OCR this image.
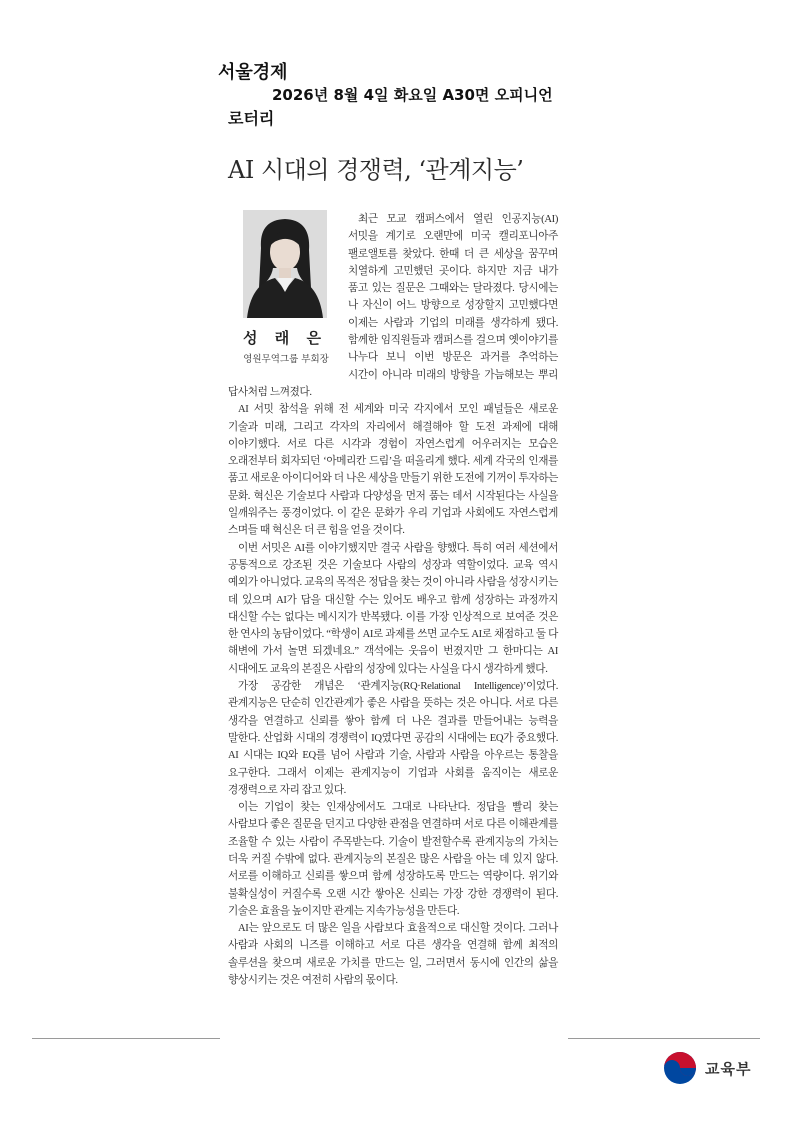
서울경제
2026년 8월 4일 화요일 A30면 오피니언
로터리
AI 시대의 경쟁력, ‘관계지능’
성 래 은
영원무역그룹 부회장

최근 모교 캠퍼스에서 열린 인공지능(AI) 서밋을 계기로 오랜만에 미국 캘리포니아주 팰로앨토를 찾았다. 한때 더 큰 세상을 꿈꾸며 치열하게 고민했던 곳이다. 하지만 지금 내가 품고 있는 질문은 그때와는 달라졌다. 당시에는 나 자신이 어느 방향으로 성장할지 고민했다면 이제는 사람과 기업의 미래를 생각하게 됐다. 함께한 임직원들과 캠퍼스를 걸으며 옛이야기를 나누다 보니 이번 방문은 과거를 추억하는 시간이 아니라 미래의 방향을 가늠해보는 뿌리 답사처럼 느껴졌다.

AI 서밋 참석을 위해 전 세계와 미국 각지에서 모인 패널들은 새로운 기술과 미래, 그리고 각자의 자리에서 해결해야 할 도전 과제에 대해 이야기했다. 서로 다른 시각과 경험이 자연스럽게 어우러지는 모습은 오래전부터 회자되던 ‘아메리칸 드림’을 떠올리게 했다. 세계 각국의 인재를 품고 새로운 아이디어와 더 나은 세상을 만들기 위한 도전에 기꺼이 투자하는 문화. 혁신은 기술보다 사람과 다양성을 먼저 품는 데서 시작된다는 사실을 일깨워주는 풍경이었다. 이 같은 문화가 우리 기업과 사회에도 자연스럽게 스며들 때 혁신은 더 큰 힘을 얻을 것이다.

이번 서밋은 AI를 이야기했지만 결국 사람을 향했다. 특히 여러 세션에서 공통적으로 강조된 것은 기술보다 사람의 성장과 역할이었다. 교육 역시 예외가 아니었다. 교육의 목적은 정답을 찾는 것이 아니라 사람을 성장시키는 데 있으며 AI가 답을 대신할 수는 있어도 배우고 함께 성장하는 과정까지 대신할 수는 없다는 메시지가 반복됐다. 이를 가장 인상적으로 보여준 것은 한 연사의 농담이었다. “학생이 AI로 과제를 쓰면 교수도 AI로 채점하고 둘 다 해변에 가서 놀면 되겠네요.” 객석에는 웃음이 번졌지만 그 한마디는 AI 시대에도 교육의 본질은 사람의 성장에 있다는 사실을 다시 생각하게 했다.

가장 공감한 개념은 ‘관계지능(RQ·Relational Intelligence)’이었다. 관계지능은 단순히 인간관계가 좋은 사람을 뜻하는 것은 아니다. 서로 다른 생각을 연결하고 신뢰를 쌓아 함께 더 나은 결과를 만들어내는 능력을 말한다. 산업화 시대의 경쟁력이 IQ였다면 공감의 시대에는 EQ가 중요했다. AI 시대는 IQ와 EQ를 넘어 사람과 기술, 사람과 사람을 아우르는 통찰을 요구한다. 그래서 이제는 관계지능이 기업과 사회를 움직이는 새로운 경쟁력으로 자리 잡고 있다.

이는 기업이 찾는 인재상에서도 그대로 나타난다. 정답을 빨리 찾는 사람보다 좋은 질문을 던지고 다양한 관점을 연결하며 서로 다른 이해관계를 조율할 수 있는 사람이 주목받는다. 기술이 발전할수록 관계지능의 가치는 더욱 커질 수밖에 없다. 관계지능의 본질은 많은 사람을 아는 데 있지 않다. 서로를 이해하고 신뢰를 쌓으며 함께 성장하도록 만드는 역량이다. 위기와 불확실성이 커질수록 오랜 시간 쌓아온 신뢰는 가장 강한 경쟁력이 된다. 기술은 효율을 높이지만 관계는 지속가능성을 만든다.

AI는 앞으로도 더 많은 일을 사람보다 효율적으로 대신할 것이다. 그러나 사람과 사회의 니즈를 이해하고 서로 다른 생각을 연결해 함께 최적의 솔루션을 찾으며 새로운 가치를 만드는 일, 그러면서 동시에 인간의 삶을 향상시키는 것은 여전히 사람의 몫이다.

교육부
